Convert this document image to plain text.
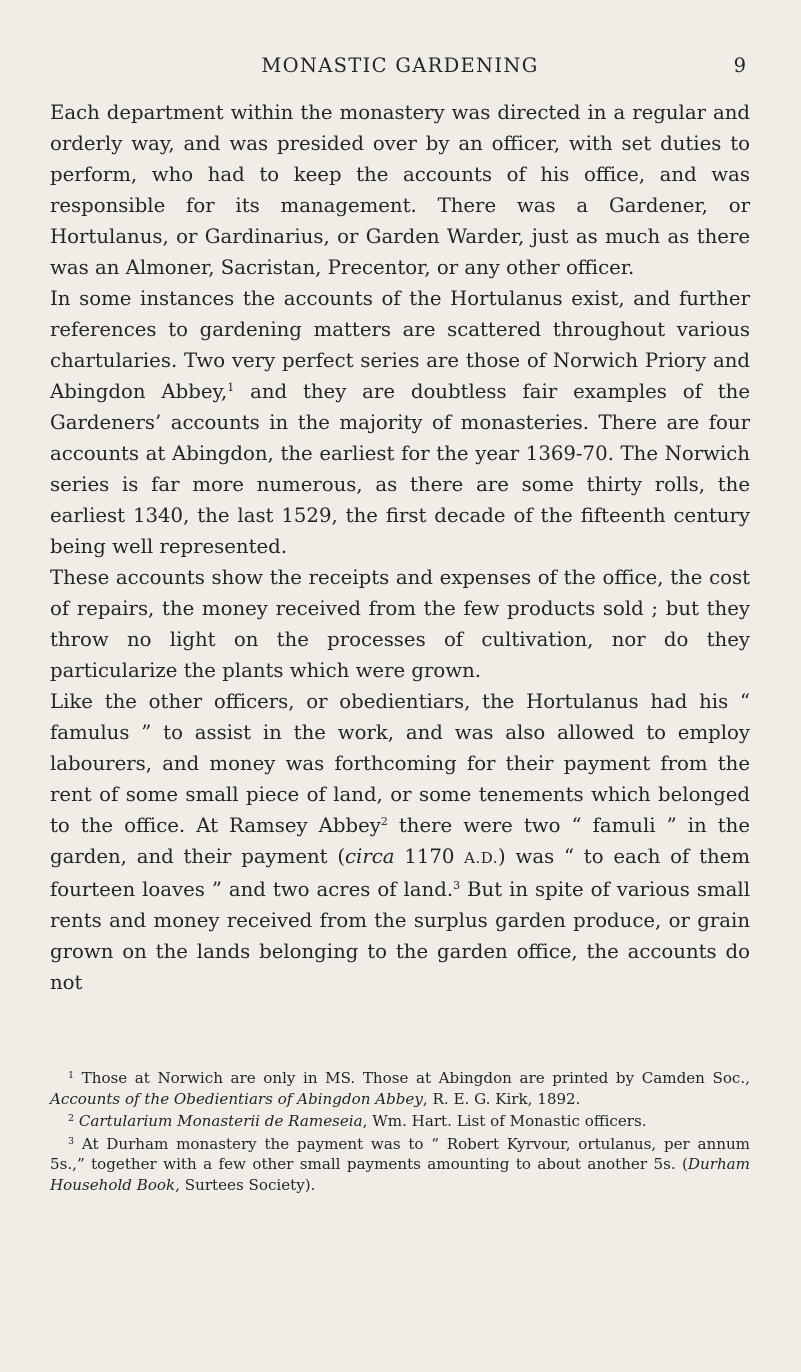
MONASTIC GARDENING	9

Each department within the monastery was directed in a regular and orderly way, and was presided over by an officer, with set duties to perform, who had to keep the accounts of his office, and was responsible for its management. There was a Gardener, or Hortulanus, or Gardinarius, or Garden Warder, just as much as there was an Almoner, Sacristan, Precentor, or any other officer.

In some instances the accounts of the Hortulanus exist, and further references to gardening matters are scattered throughout various chartularies. Two very perfect series are those of Norwich Priory and Abingdon Abbey,$^1$ and they are doubtless fair examples of the Gardeners’ accounts in the majority of monasteries. There are four accounts at Abingdon, the earliest for the year 1369-70. The Norwich series is far more numerous, as there are some thirty rolls, the earliest 1340, the last 1529, the first decade of the fifteenth century being well represented.

These accounts show the receipts and expenses of the office, the cost of repairs, the money received from the few products sold ; but they throw no light on the processes of cultivation, nor do they particularize the plants which were grown.

Like the other officers, or obedientiars, the Hortulanus had his “ famulus ” to assist in the work, and was also allowed to employ labourers, and money was forthcoming for their payment from the rent of some small piece of land, or some tenements which belonged to the office. At Ramsey Abbey$^2$ there were two “ famuli ” in the garden, and their payment (circa 1170 A.D.) was “ to each of them fourteen loaves ” and two acres of land.$^3$ But in spite of various small rents and money received from the surplus garden produce, or grain grown on the lands belonging to the garden office, the accounts do not

$^1$ Those at Norwich are only in MS. Those at Abingdon are printed by Camden Soc., Accounts of the Obedientiars of Abingdon Abbey, R. E. G. Kirk, 1892.

$^2$ Cartularium Monasterii de Rameseia, Wm. Hart. List of Monastic officers.

$^3$ At Durham monastery the payment was to “ Robert Kyrvour, ortulanus, per annum 5s.,” together with a few other small payments amounting to about another 5s. (Durham Household Book, Surtees Society).
